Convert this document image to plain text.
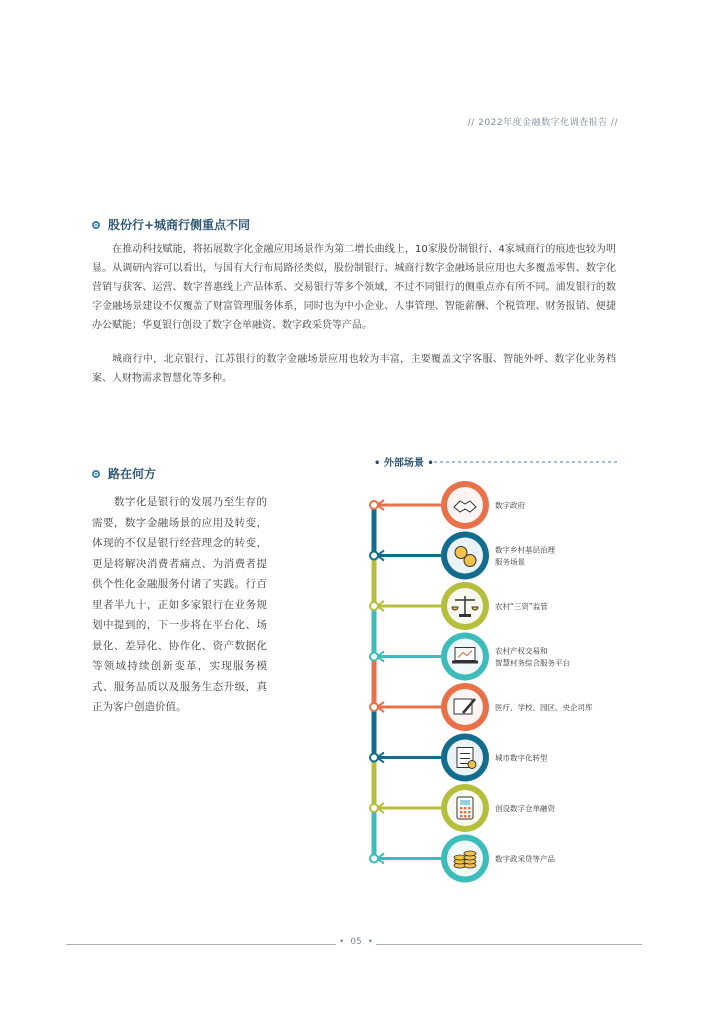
// 2022年度金融数字化调查报告 //
股份行+城商行侧重点不同

在推动科技赋能，将拓展数字化金融应用场景作为第二增长曲线上，10家股份制银行、4家城商行的痕迹也较为明显。从调研内容可以看出，与国有大行布局路径类似，股份制银行、城商行数字金融场景应用也大多覆盖零售、数字化营销与获客、运营、数字普惠线上产品体系、交易银行等多个领域，不过不同银行的侧重点亦有所不同。浦发银行的数字金融场景建设不仅覆盖了财富管理服务体系，同时也为中小企业、人事管理、智能薪酬、个税管理、财务报销、便捷办公赋能；华夏银行创设了数字仓单融资、数字政采贷等产品。

城商行中，北京银行、江苏银行的数字金融场景应用也较为丰富，主要覆盖文字客服、智能外呼、数字化业务档案、人财物需求智慧化等多种。

路在何方

数字化是银行的发展乃至生存的需要，数字金融场景的应用及转变，体现的不仅是银行经营理念的转变，更是将解决消费者痛点、为消费者提供个性化金融服务付诸了实践。行百里者半九十，正如多家银行在业务规划中提到的，下一步将在平台化、场景化、差异化、协作化、资产数据化等领域持续创新变革，实现服务模式、服务品质以及服务生态升级，真正为客户创造价值。

• 外部场景 •
数字政府
数字乡村基层治理服务场景
农村“三资”监管
农村产权交易和智慧村务综合服务平台
医疗、学校、园区、央企司库
城市数字化转型
创设数字仓单融资
数字政采贷等产品
• 05 •
